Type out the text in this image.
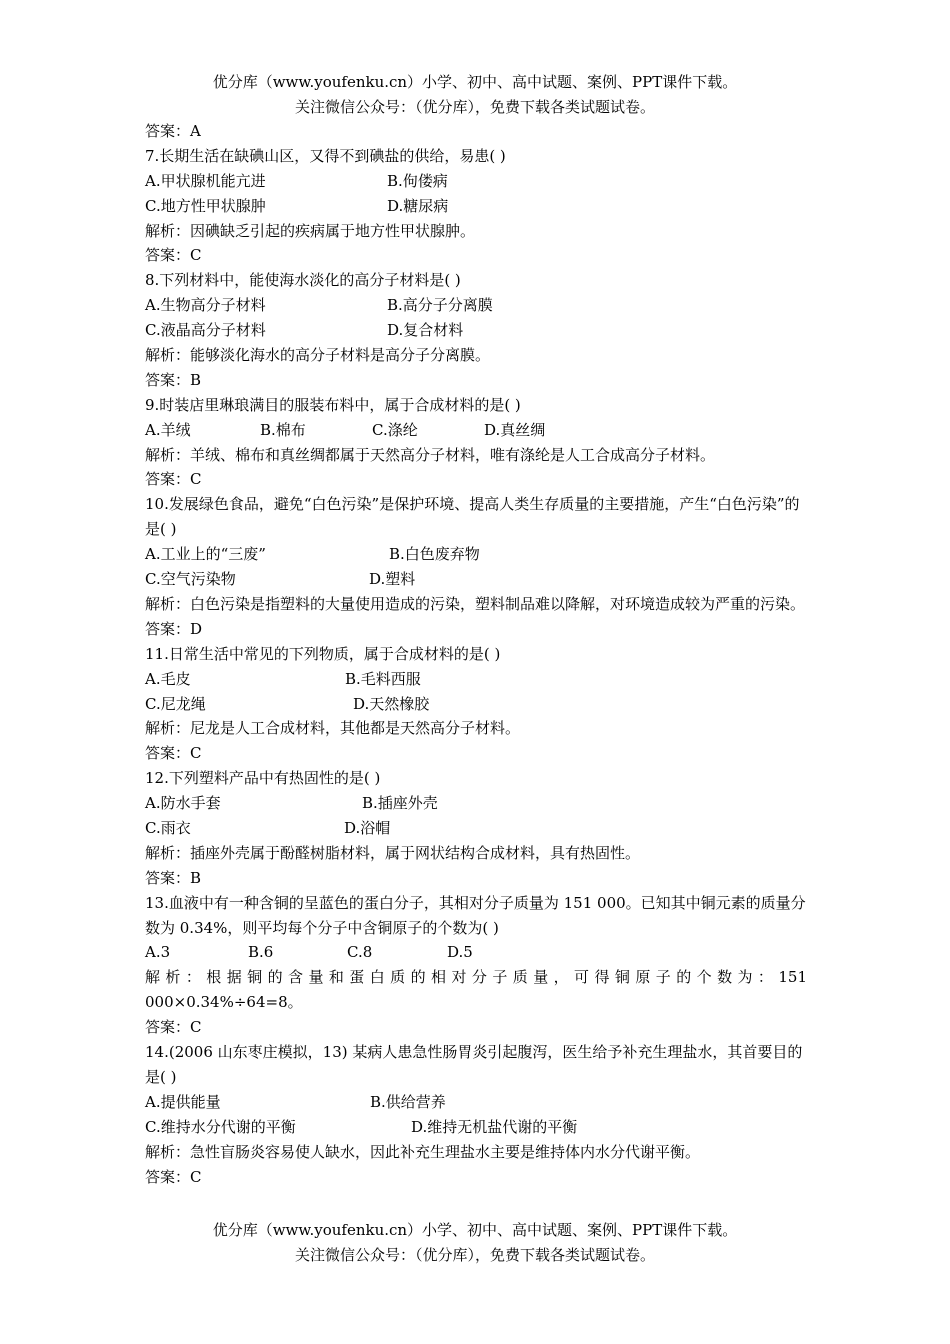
优分库（www.youfenku.cn）小学、初中、高中试题、案例、PPT课件下载。
关注微信公众号：（优分库），免费下载各类试题试卷。
答案：A
7.长期生活在缺碘山区，又得不到碘盐的供给，易患( )
A.甲状腺机能亢进	B.佝偻病
C.地方性甲状腺肿	D.糖尿病
解析：因碘缺乏引起的疾病属于地方性甲状腺肿。
答案：C
8.下列材料中，能使海水淡化的高分子材料是( )
A.生物高分子材料	B.高分子分离膜
C.液晶高分子材料	D.复合材料
解析：能够淡化海水的高分子材料是高分子分离膜。
答案：B
9.时装店里琳琅满目的服装布料中，属于合成材料的是( )
A.羊绒	B.棉布	C.涤纶	D.真丝绸
解析：羊绒、棉布和真丝绸都属于天然高分子材料，唯有涤纶是人工合成高分子材料。
答案：C
10.发展绿色食品，避免“白色污染”是保护环境、提高人类生存质量的主要措施，产生“白色污染”的是( )
A.工业上的“三废”	B.白色废弃物
C.空气污染物	D.塑料
解析：白色污染是指塑料的大量使用造成的污染，塑料制品难以降解，对环境造成较为严重的污染。
答案：D
11.日常生活中常见的下列物质，属于合成材料的是( )
A.毛皮	B.毛料西服
C.尼龙绳	D.天然橡胶
解析：尼龙是人工合成材料，其他都是天然高分子材料。
答案：C
12.下列塑料产品中有热固性的是( )
A.防水手套	B.插座外壳
C.雨衣	D.浴帽
解析：插座外壳属于酚醛树脂材料，属于网状结构合成材料，具有热固性。
答案：B
13.血液中有一种含铜的呈蓝色的蛋白分子，其相对分子质量为 151 000。已知其中铜元素的质量分数为 0.34%，则平均每个分子中含铜原子的个数为( )
A.3	B.6	C.8	D.5
解析：根据铜的含量和蛋白质的相对分子质量，可得铜原子的个数为：151
000×0.34%÷64=8。
答案：C
14.(2006 山东枣庄模拟，13) 某病人患急性肠胃炎引起腹泻，医生给予补充生理盐水，其首要目的是( )
A.提供能量	B.供给营养
C.维持水分代谢的平衡	D.维持无机盐代谢的平衡
解析：急性盲肠炎容易使人缺水，因此补充生理盐水主要是维持体内水分代谢平衡。
答案：C
优分库（www.youfenku.cn）小学、初中、高中试题、案例、PPT课件下载。
关注微信公众号：（优分库），免费下载各类试题试卷。
